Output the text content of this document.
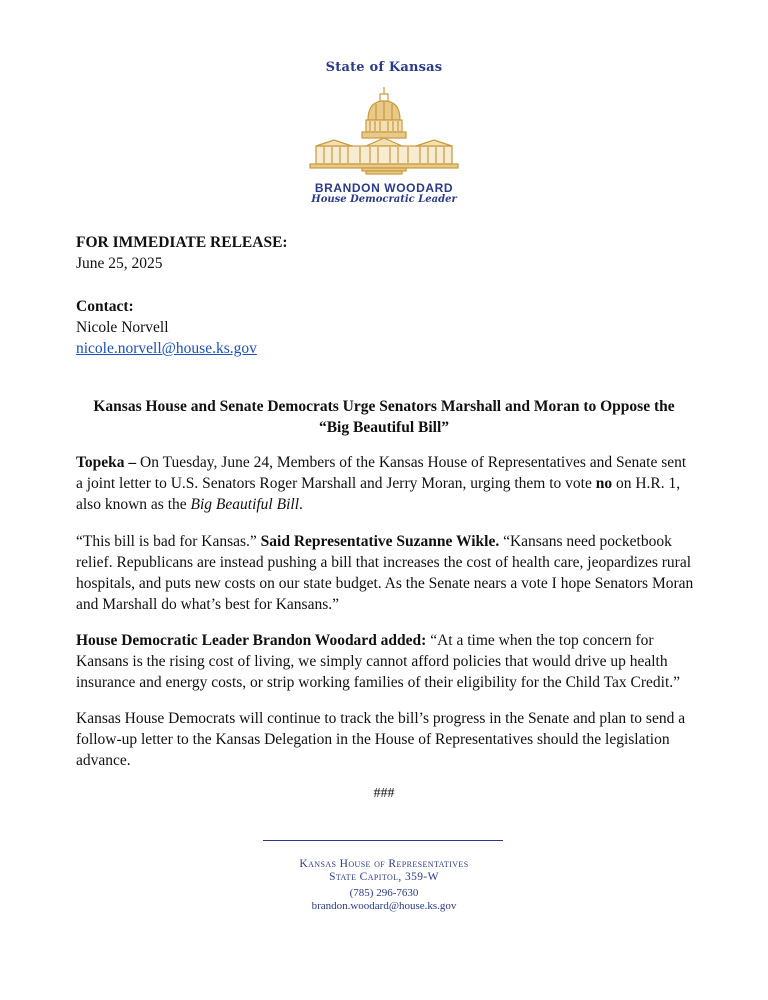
State of Kansas
BRANDON WOODARD
House Democratic Leader
FOR IMMEDIATE RELEASE:
June 25, 2025
Contact:
Nicole Norvell
nicole.norvell@house.ks.gov
Kansas House and Senate Democrats Urge Senators Marshall and Moran to Oppose the
“Big Beautiful Bill”

Topeka – On Tuesday, June 24, Members of the Kansas House of Representatives and Senate sent a joint letter to U.S. Senators Roger Marshall and Jerry Moran, urging them to vote no on H.R. 1, also known as the Big Beautiful Bill.

“This bill is bad for Kansas.” Said Representative Suzanne Wikle. “Kansans need pocketbook relief. Republicans are instead pushing a bill that increases the cost of health care, jeopardizes rural hospitals, and puts new costs on our state budget. As the Senate nears a vote I hope Senators Moran and Marshall do what’s best for Kansans.”

House Democratic Leader Brandon Woodard added: “At a time when the top concern for Kansans is the rising cost of living, we simply cannot afford policies that would drive up health insurance and energy costs, or strip working families of their eligibility for the Child Tax Credit.”

Kansas House Democrats will continue to track the bill’s progress in the Senate and plan to send a follow-up letter to the Kansas Delegation in the House of Representatives should the legislation advance.

###
Kansas House of Representatives
State Capitol, 359-W
(785) 296-7630
brandon.woodard@house.ks.gov
